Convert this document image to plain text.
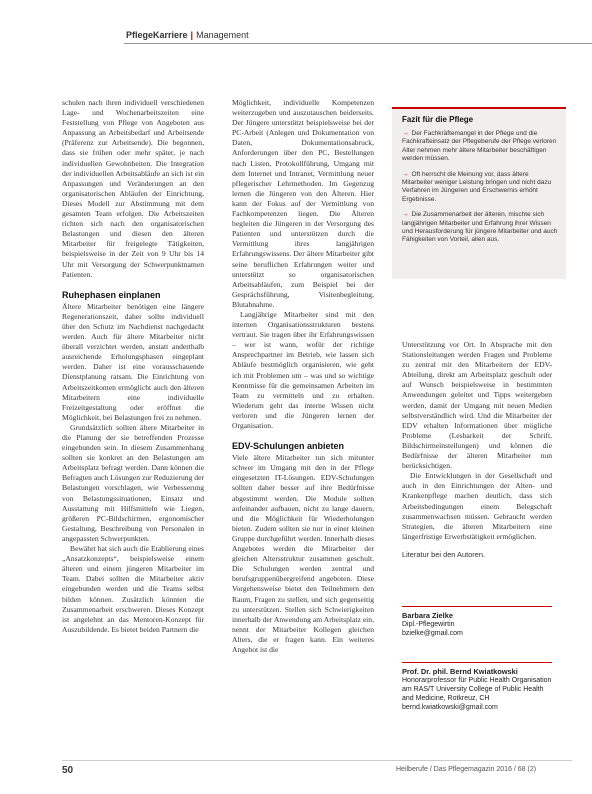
PflegeKarriere | Management

schulen nach ihren individuell verschiedenen Lage- und Wochenarbeitszeiten eine Feststellung von Pflege von Angeboten aus Anpassung an Arbeitsbedarf und Arbeitsende (Präferenz zur Arbeitsende). Die begonnen, dass sie frühen oder mehr später, je nach individuellen Gewohnheiten. Die Integration der individuellen Arbeitsabläufe an sich ist ein Anpassungen und Veränderungen an den organisatorischen Abläufen der Einrichtung, Dieses Modell zur Abstimmung mit dem gesamten Team erfolgen. Die Arbeitszeiten richten sich nach den organisatorischen Belastungen und diesen den älteren Mitarbeiter für freigelegte Tätigkeiten, beispielsweise in der Zeit von 9 Uhr bis 14 Uhr mit Versorgung der Schwerpunktnamen Patienten.

Ruhephasen einplanen

Ältere Mitarbeiter benötigen eine längere Regenerationszeit, daher sollte individuell über den Schutz im Nachdienst nachgedacht werden. Auch für ältere Mitarbeiter nicht überall verzichtet werden, anstatt anderthalb ausreichende Erholungsphasen eingeplant werden. Daher ist eine vorausschauende Dienstplanung ratsam. Die Einrichtung von Arbeitszeitkonten ermöglicht auch den älteren Mitarbeitern eine individuelle Freizeitgestaltung oder eröffnet die Möglichkeit, bei Belastungen frei zu nehmen.

Grundsätzlich sollten ältere Mitarbeiter in die Planung der sie betreffenden Prozesse eingebunden sein. In diesem Zusammenhang sollten sie konkret an den Belastungen am Arbeitsplatz befragt werden. Dann können die Befragten auch Lösungen zur Reduzierung der Belastungen vorschlagen, wie Verbesserung von Belastungssituationen, Einsatz und Ausstattung mit Hilfsmitteln wie Liegen, größeren PC-Bildschirmen, ergonomischer Gestaltung, Beschreibung von Personalen in angepassten Schwerpunkten.

Bewährt hat sich auch die Etablierung eines „Ansatzkonzepts“, beispielsweise einem älteren und einem jüngeren Mitarbeiter im Team. Dabei sollten die Mitarbeiter aktiv eingebunden werden und die Teams selbst bilden können. Zusätzlich könnten die Zusammenarbeit erschweren. Dieses Konzept ist angelehnt an das Mentoren-Konzept für Auszubildende. Es bietet beiden Partnern die

Möglichkeit, individuelle Kompetenzen weiterzugeben und auszutauschen beiderseits. Der Jüngere unterstützt beispielsweise bei der PC-Arbeit (Anlegen und Dokumentation von Daten, Dokumentationsabruck, Anforderungen über den PC, Bestellungen nach Listen, Protokollführung, Umgang mit dem Internet und Intranet, Vermittlung neuer pflegerischer Lehrmethoden. Im Gegenzug lernen die Jüngeren von den Älteren. Hier kann der Fokus auf der Vermittlung von Fachkompetenzen liegen. Die Älteren begleiten die Jüngeren in der Versorgung des Patienten und unterstützen durch die Vermittlung ihres langjährigen Erfahrungswissens. Der ältere Mitarbeiter gibt seine beruflichen Erfahrungen weiter und unterstützt so organisatorischen Arbeitsabläufen, zum Beispiel bei der Gesprächsführung, Visitenbegleitung, Blutabnahme.

Langjährige Mitarbeiter sind mit den internen Organisationsstrukturen bestens vertraut. Sie tragen über ihr Erfahrungswissen – wer ist wann, wofür der richtige Ansprechpartner im Betrieb, wie lassen sich Abläufe bestmöglich organisieren, wie geht ich mit Problemen um – was und so wichtige Kenntnisse für die gemeinsamen Arbeiten im Team zu vermitteln und zu erhalten. Wiederum geht das interne Wissen nicht verloren und die Jüngeren lernen der Organisation.

EDV-Schulungen anbieten

Viele ältere Mitarbeiter tun sich mitunter schwer im Umgang mit den in der Pflege eingesetzten IT-Lösungen. EDV-Schulungen sollten daher besser auf ihre Bedürfnisse abgestimmt werden. Die Module sollten aufeinander aufbauen, nicht zu lange dauern, und die Möglichkeit für Wiederholungen bieten. Zudem sollten sie nur in einer kleinen Gruppe durchgeführt werden. Innerhalb dieses Angebotes werden die Mitarbeiter der gleichen Altersstruktur zusammen geschult. Die Schulungen werden zentral und berufsgruppenübergreifend angeboten. Diese Vorgehensweise bietet den Teilnehmern den Raum, Fragen zu stellen, und sich gegenseitig zu unterstützen. Stellen sich Schwierigkeiten innerhalb der Anwendung am Arbeitsplatz ein, nennt der Mitarbeiter Kollegen gleichen Alters, die er fragen kann. Ein weiteres Angebot ist die

Fazit für die Pflege
→ Der Fachkräftemangel in der Pflege und die Fachkrafteinsatz der Pflegeberufe der Pflege verloren Alter nehmen mehr ältere Mitarbeiter beschäftigen werden müssen.
→ Oft herrscht die Meinung vor, dass ältere Mitarbeiter weniger Leistung bringen und nicht dazu Verfahren im Jüngeren und Erschwernis erhöht Ergebnisse.
→ Die Zusammenarbeit der älteren, mischte sich langjährigen Mitarbeiter und Erfahrung ihrer Wissen und Herausforderung für jüngere Mitarbeiter und auch Fähigkeiten von Vorteil, allen aus.

Unterstützung vor Ort. In Absprache mit den Stationsleitungen werden Fragen und Probleme zu zentral mit den Mitarbeitern der EDV-Abteilung, direkt am Arbeitsplatz geschult oder auf Wunsch beispielsweise in bestimmten Anwendungen geleitet und Tipps weitergeben werden, damit der Umgang mit neuen Medien selbstverständlich wird. Und die Mitarbeiter der EDV erhalten Informationen über mögliche Probleme (Lesbarkeit der Schrift, Bildschirmeinstellungen) und können die Bedürfnisse der älteren Mitarbeiter nun berücksichtigen.

Die Entwicklungen in der Gesellschaft und auch in den Einrichtungen der Alten- und Krankenpflege machen deutlich, dass sich Arbeitsbedingungen einem Belegschaft zusammenwachsen müssen. Gebraucht werden Strategien, die älteren Mitarbeitern eine längerfristige Erwerbstätigkeit ermöglichen.

Literatur bei den Autoren.
Barbara Zielke
Dipl.-Pflegewirtin
bzielke@gmail.com
Prof. Dr. phil. Bernd Kwiatkowski
Honorarprofessor für Public Health Organisation am RAS/T University College of Public Health and Medicine, Rotkreuz, CH
bernd.kwiatkowski@gmail.com
50	Heilberufe / Das Pflegemagazin 2016 / 68 (2)
